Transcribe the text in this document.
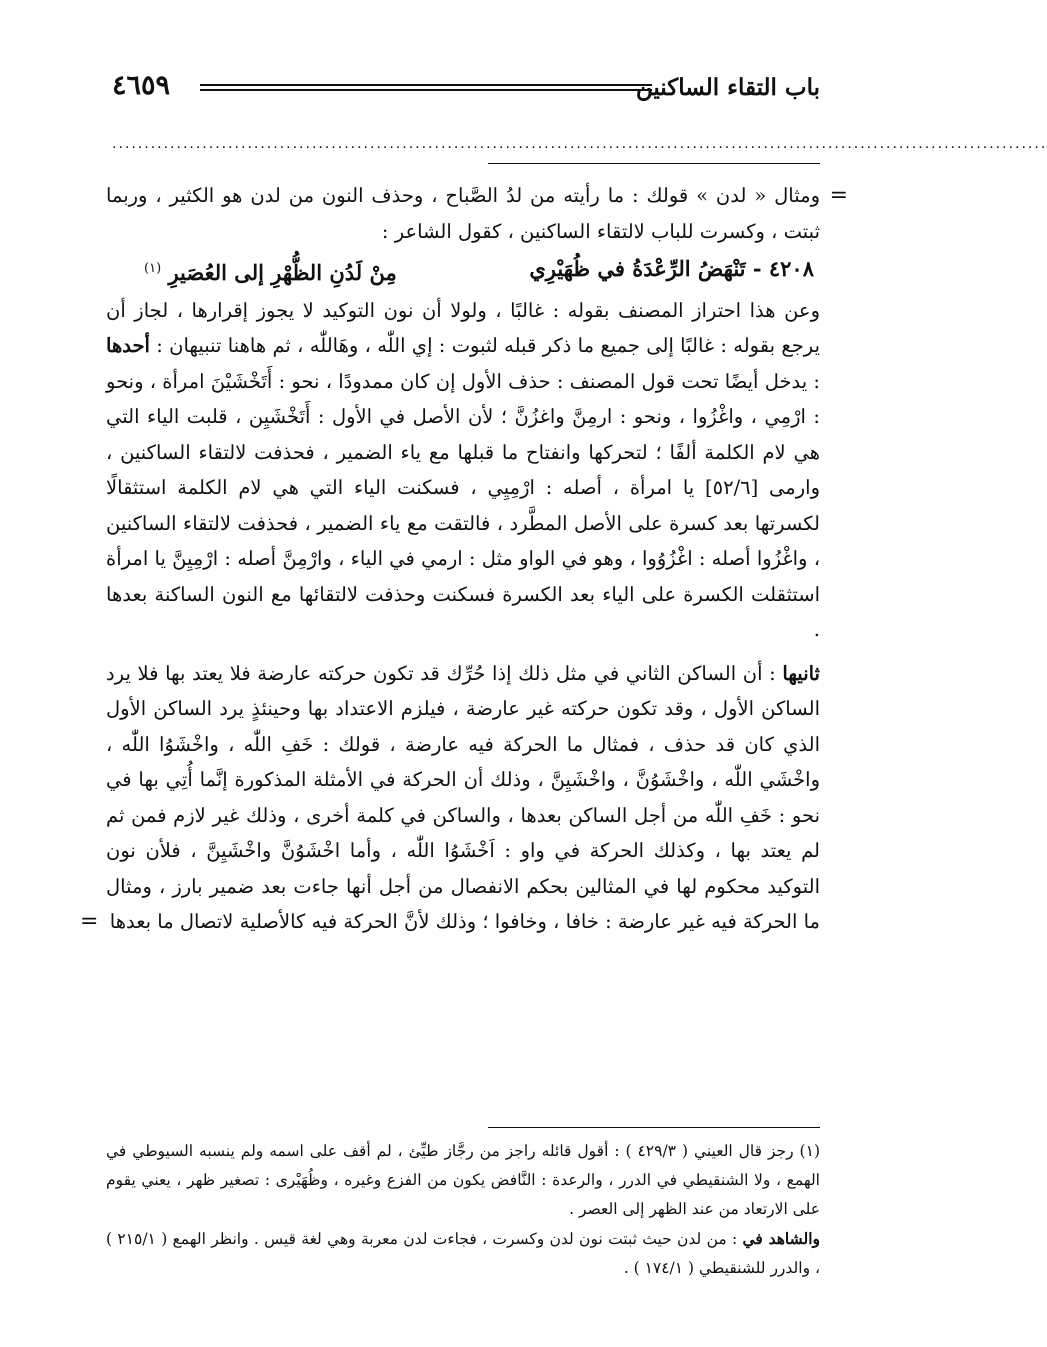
باب التقاء الساكنين
٤٦٥٩
.................................................................................................................................................

=
ومثال « لدن » قولك : ما رأيته من لدُ الصَّباح ، وحذف النون من لدن هو الكثير ، وربما ثبتت ، وكسرت للباب لالتقاء الساكنين ، كقول الشاعر :

٤٢٠٨ - تَنْهَضُ الرِّعْدَةُ في ظُهَيْرِي
مِنْ لَدُنِ الظُّهْرِ إلى العُصَيرِ $^{(١)}$

وعن هذا احتراز المصنف بقوله : غالبًا ، ولولا أن نون التوكيد لا يجوز إقرارها ، لجاز أن يرجع بقوله : غالبًا إلى جميع ما ذكر قبله لثبوت : إي اللّٰه ، وهَاللّٰه ، ثم هاهنا تنبيهان : أحدها : يدخل أيضًا تحت قول المصنف : حذف الأول إن كان ممدودًا ، نحو : أَتَخْشَيْنَ امرأة ، ونحو : ارْمِي ، واغْزُوا ، ونحو : ارمِنَّ واغزُنَّ ؛ لأن الأصل في الأول : أَتَخْشَيِن ، قلبت الياء التي هي لام الكلمة ألفًا ؛ لتحركها وانفتاح ما قبلها مع ياء الضمير ، فحذفت لالتقاء الساكنين ، وارمى [٥٢/٦] يا امرأة ، أصله : ارْمِيِي ، فسكنت الياء التي هي لام الكلمة استثقالًا لكسرتها بعد كسرة على الأصل المطَّرد ، فالتقت مع ياء الضمير ، فحذفت لالتقاء الساكنين ، واغْزُوا أصله : اغْزُوُوا ، وهو في الواو مثل : ارمي في الياء ، وارْمِنَّ أصله : ارْمِيِنَّ يا امرأة استثقلت الكسرة على الياء بعد الكسرة فسكنت وحذفت لالتقائها مع النون الساكنة بعدها .

ثانيها : أن الساكن الثاني في مثل ذلك إذا حُرِّك قد تكون حركته عارضة فلا يعتد بها فلا يرد الساكن الأول ، وقد تكون حركته غير عارضة ، فيلزم الاعتداد بها وحينئذٍ يرد الساكن الأول الذي كان قد حذف ، فمثال ما الحركة فيه عارضة ، قولك : خَفِ اللّٰه ، واخْشَوُا اللّٰه ، واخْشَي اللّٰه ، واخْشَوُنَّ ، واخْشَيِنَّ ، وذلك أن الحركة في الأمثلة المذكورة إنَّما أُتِي بها في نحو : خَفِ اللّٰه من أجل الساكن بعدها ، والساكن في كلمة أخرى ، وذلك غير لازم فمن ثم لم يعتد بها ، وكذلك الحركة في واو : اَخْشَوُا اللّٰه ، وأما اخْشَوُنَّ واخْشَيِنَّ ، فلأن نون التوكيد محكوم لها في المثالين بحكم الانفصال من أجل أنها جاءت بعد ضمير بارز ، ومثال ما الحركة فيه غير عارضة : خافا ، وخافوا ؛ وذلك لأنَّ الحركة فيه كالأصلية لاتصال ما بعدها
=

(١) رجز قال العيني ( ٤٢٩/٣ ) : أقول قائله راجز من رجَّاز طيِّئ ، لم أقف على اسمه ولم ينسبه السيوطي في الهمع ، ولا الشنقيطي في الدرر ، والرعدة : النَّافض يكون من الفزع وغيره ، وظُهَيْرى : تصغير ظهر ، يعني يقوم على الارتعاد من عند الظهر إلى العصر .

والشاهد في : من لدن حيث ثبتت نون لدن وكسرت ، فجاءت لدن معربة وهي لغة قيس . وانظر الهمع ( ٢١٥/١ ) ، والدرر للشنقيطي ( ١٧٤/١ ) .
